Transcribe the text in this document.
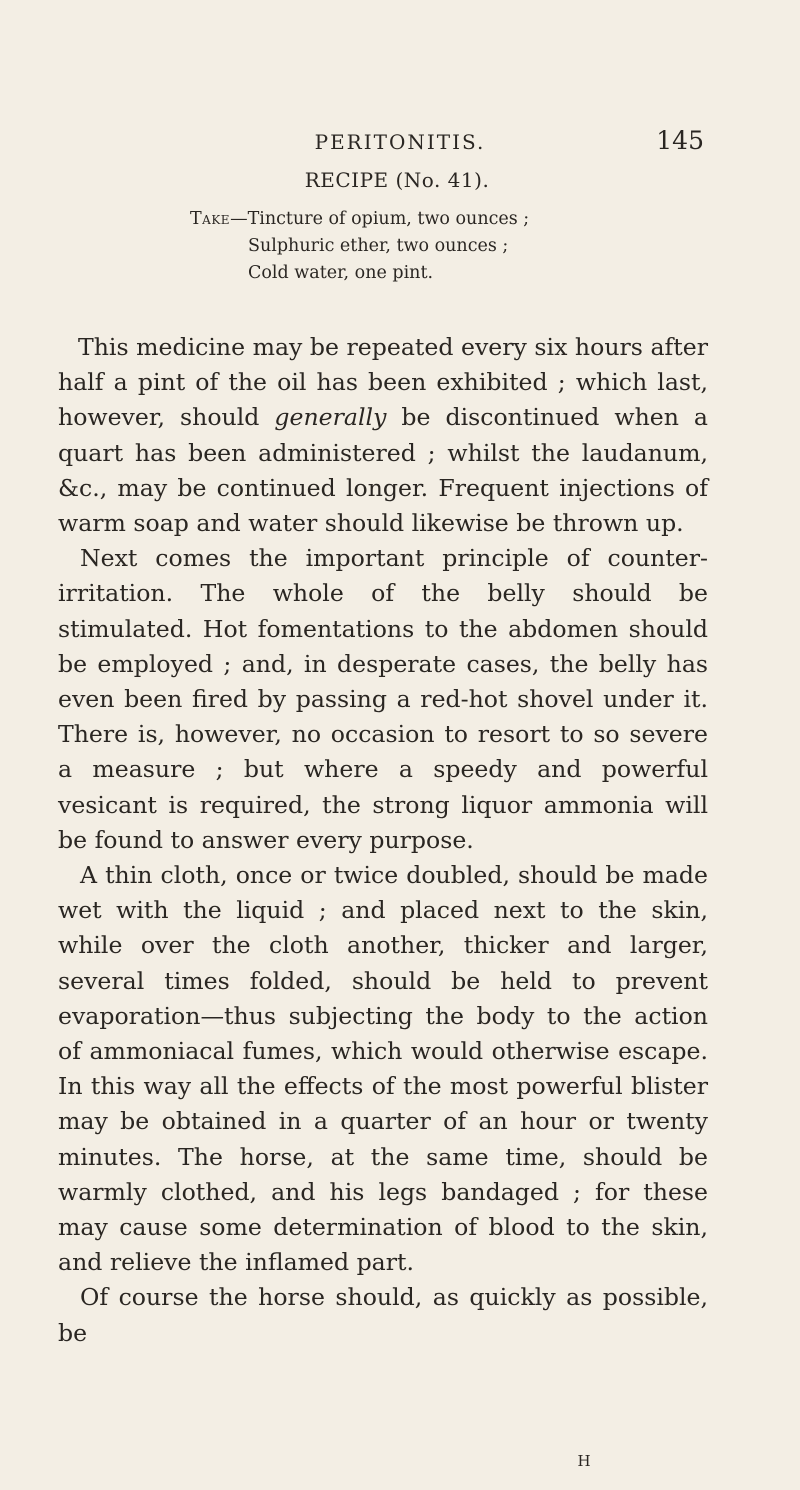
PERITONITIS.	145
RECIPE (No. 41).
Take—Tincture of opium, two ounces ;
Sulphuric ether, two ounces ;
Cold water, one pint.

This medicine may be repeated every six hours after half a pint of the oil has been exhibited ; which last, however, should generally be discontinued when a quart has been administered ; whilst the laudanum, &c., may be continued longer. Frequent injections of warm soap and water should likewise be thrown up.

Next comes the important principle of counter-irritation. The whole of the belly should be stimulated. Hot fomentations to the abdomen should be employed ; and, in desperate cases, the belly has even been fired by passing a red-hot shovel under it. There is, however, no occasion to resort to so severe a measure ; but where a speedy and powerful vesicant is required, the strong liquor ammonia will be found to answer every purpose.

A thin cloth, once or twice doubled, should be made wet with the liquid ; and placed next to the skin, while over the cloth another, thicker and larger, several times folded, should be held to prevent evaporation—thus subjecting the body to the action of ammoniacal fumes, which would otherwise escape. In this way all the effects of the most powerful blister may be obtained in a quarter of an hour or twenty minutes. The horse, at the same time, should be warmly clothed, and his legs bandaged ; for these may cause some determination of blood to the skin, and relieve the inflamed part.

Of course the horse should, as quickly as possible, be

H
